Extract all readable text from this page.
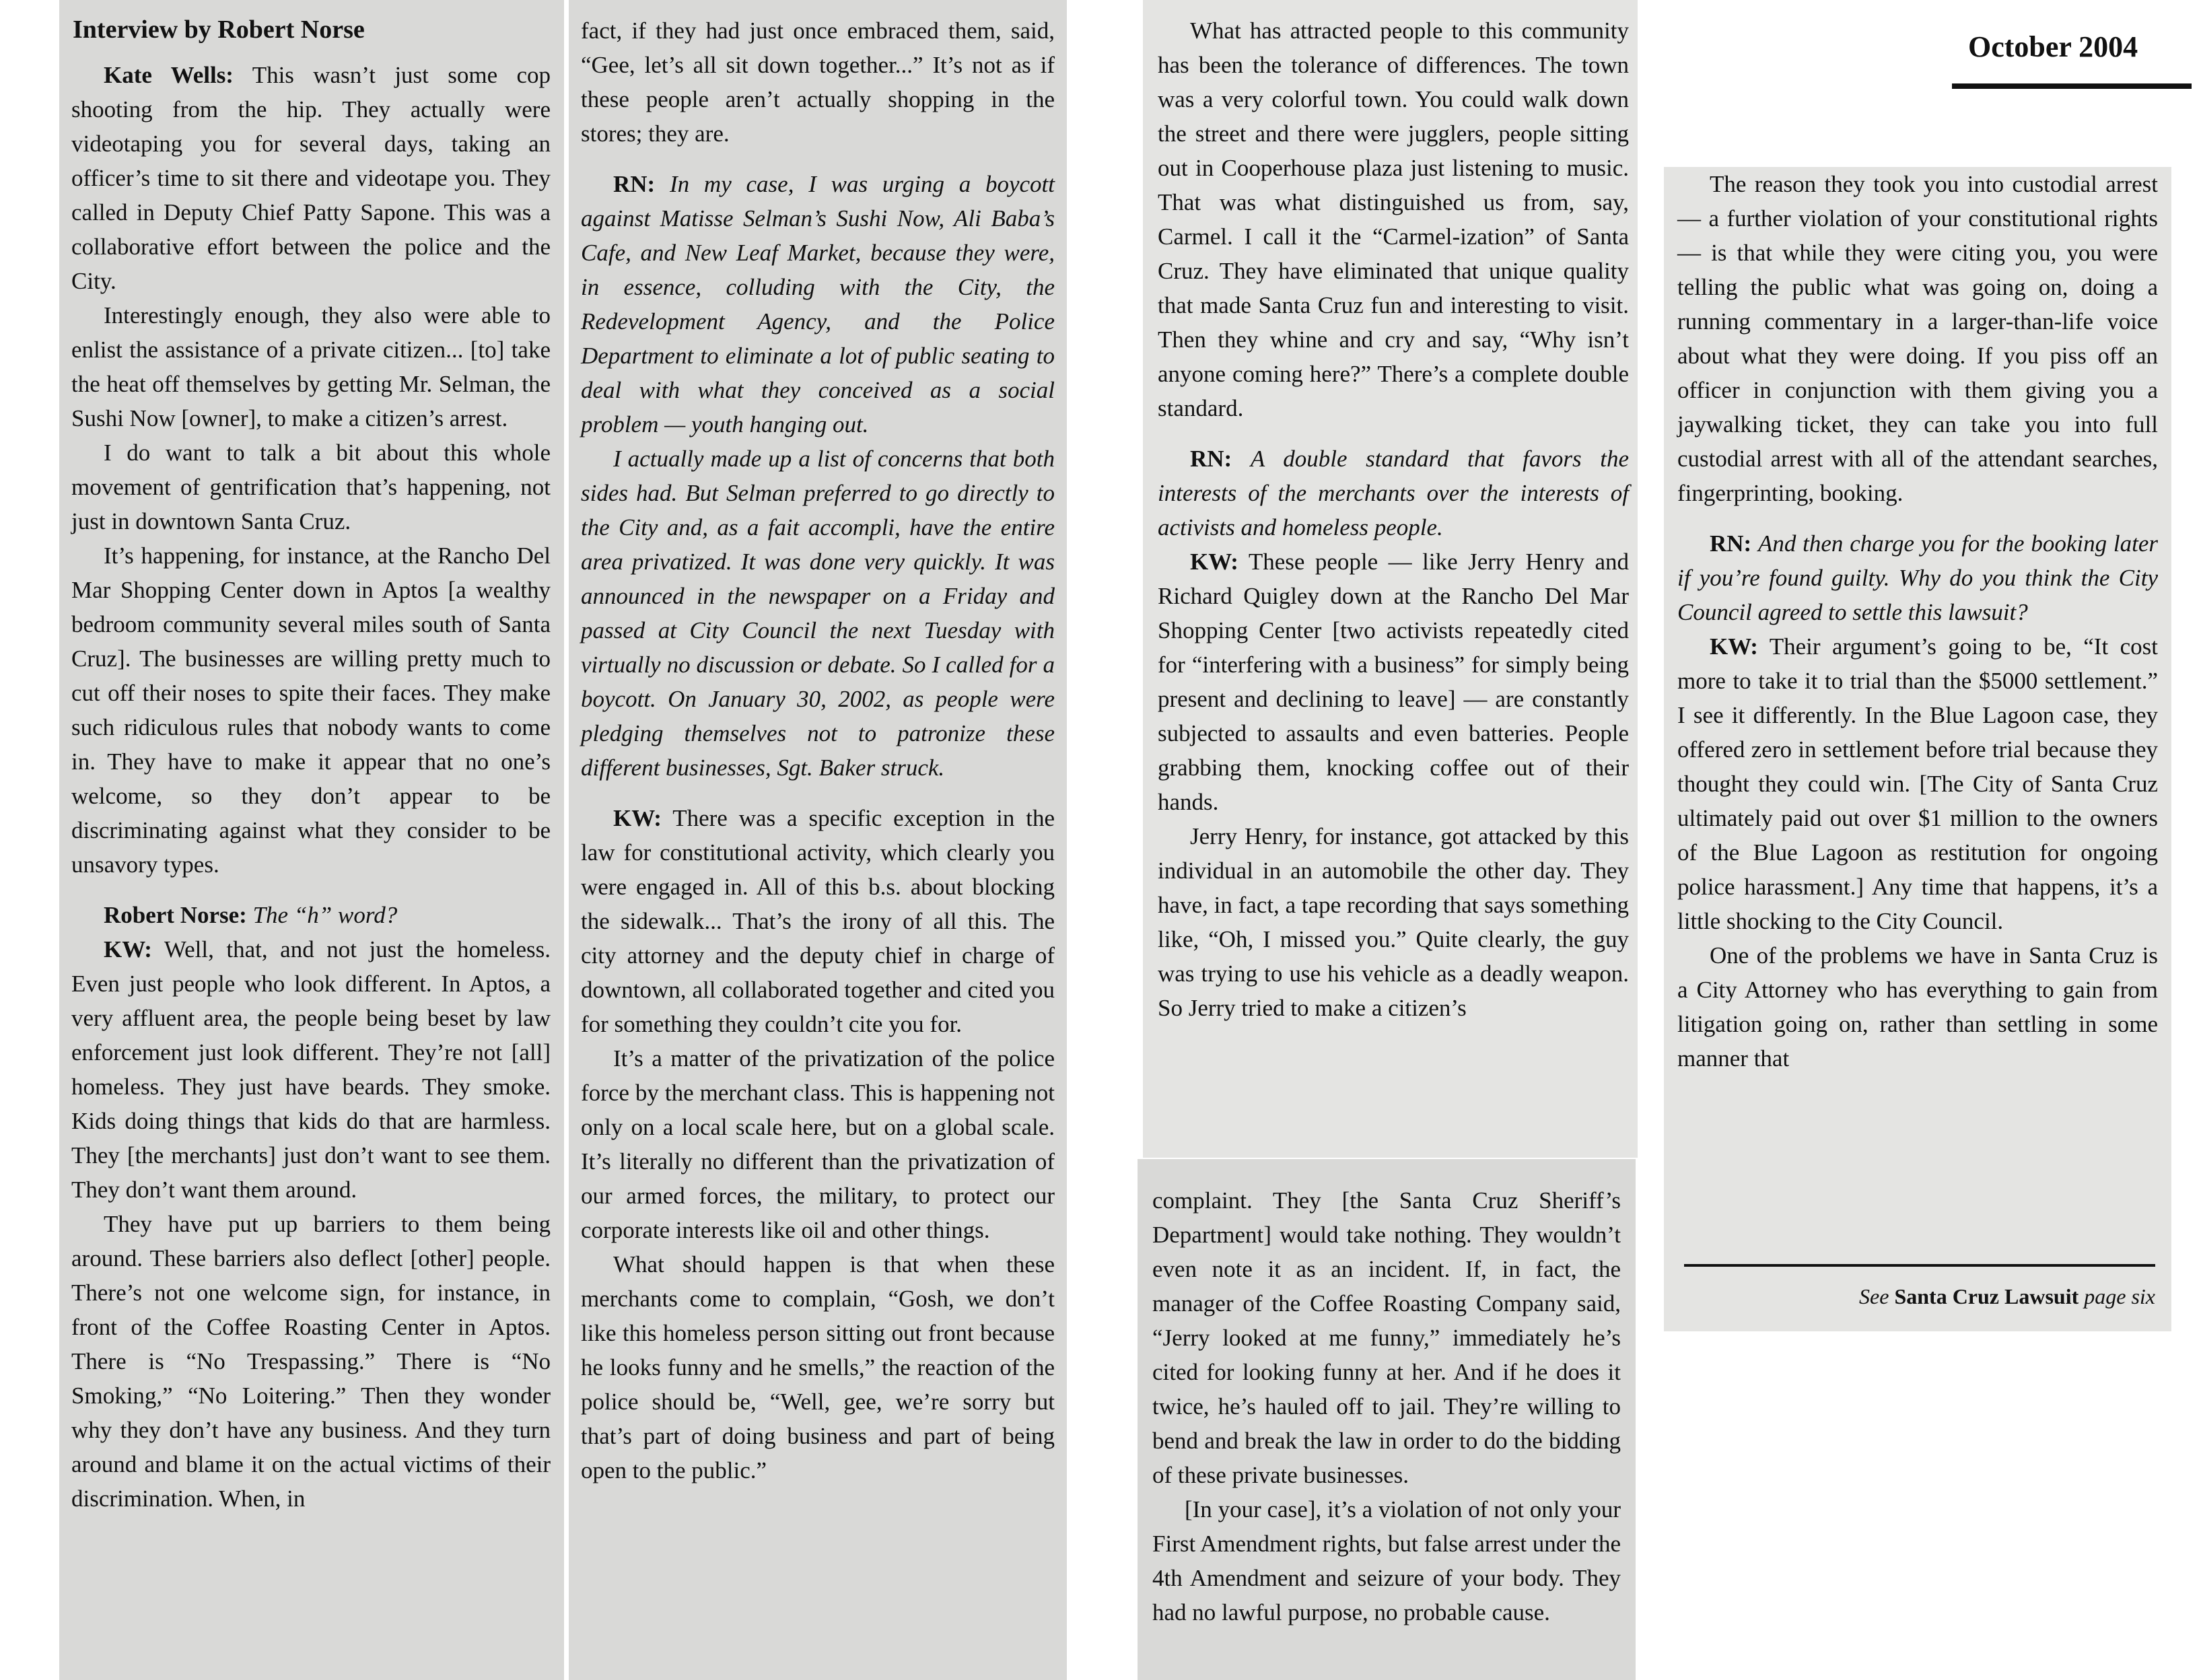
Interview by Robert Norse

Kate Wells: This wasn’t just some cop shooting from the hip. They actually were videotaping you for several days, taking an officer’s time to sit there and videotape you. They called in Deputy Chief Patty Sapone. This was a collaborative effort between the police and the City.

Interestingly enough, they also were able to enlist the assistance of a private citizen... [to] take the heat off themselves by getting Mr. Selman, the Sushi Now [owner], to make a citizen’s arrest.

I do want to talk a bit about this whole movement of gentrification that’s happening, not just in downtown Santa Cruz.

It’s happening, for instance, at the Rancho Del Mar Shopping Center down in Aptos [a wealthy bedroom community several miles south of Santa Cruz]. The businesses are willing pretty much to cut off their noses to spite their faces. They make such ridiculous rules that nobody wants to come in. They have to make it appear that no one’s welcome, so they don’t appear to be discriminating against what they consider to be unsavory types.

Robert Norse: The “h” word?

KW: Well, that, and not just the homeless. Even just people who look different. In Aptos, a very affluent area, the people being beset by law enforcement just look different. They’re not [all] homeless. They just have beards. They smoke. Kids doing things that kids do that are harmless. They [the merchants] just don’t want to see them. They don’t want them around.

They have put up barriers to them being around. These barriers also deflect [other] people. There’s not one welcome sign, for instance, in front of the Coffee Roasting Center in Aptos. There is “No Trespassing.” There is “No Smoking,” “No Loitering.” Then they wonder why they don’t have any business. And they turn around and blame it on the actual victims of their discrimination. When, in

fact, if they had just once embraced them, said, “Gee, let’s all sit down together...” It’s not as if these people aren’t actually shopping in the stores; they are.

RN: In my case, I was urging a boycott against Matisse Selman’s Sushi Now, Ali Baba’s Cafe, and New Leaf Market, because they were, in essence, colluding with the City, the Redevelopment Agency, and the Police Department to eliminate a lot of public seating to deal with what they conceived as a social problem — youth hanging out.

I actually made up a list of concerns that both sides had. But Selman preferred to go directly to the City and, as a fait accompli, have the entire area privatized. It was done very quickly. It was announced in the newspaper on a Friday and passed at City Council the next Tuesday with virtually no discussion or debate. So I called for a boycott. On January 30, 2002, as people were pledging themselves not to patronize these different businesses, Sgt. Baker struck.

KW: There was a specific exception in the law for constitutional activity, which clearly you were engaged in. All of this b.s. about blocking the sidewalk... That’s the irony of all this. The city attorney and the deputy chief in charge of downtown, all collaborated together and cited you for something they couldn’t cite you for.

It’s a matter of the privatization of the police force by the merchant class. This is happening not only on a local scale here, but on a global scale. It’s literally no different than the privatization of our armed forces, the military, to protect our corporate interests like oil and other things.

What should happen is that when these merchants come to complain, “Gosh, we don’t like this homeless person sitting out front because he looks funny and he smells,” the reaction of the police should be, “Well, gee, we’re sorry but that’s part of doing business and part of being open to the public.”

What has attracted people to this community has been the tolerance of differences. The town was a very colorful town. You could walk down the street and there were jugglers, people sitting out in Cooperhouse plaza just listening to music. That was what distinguished us from, say, Carmel. I call it the “Carmel-ization” of Santa Cruz. They have eliminated that unique quality that made Santa Cruz fun and interesting to visit. Then they whine and cry and say, “Why isn’t anyone coming here?” There’s a complete double standard.

RN: A double standard that favors the interests of the merchants over the interests of activists and homeless people.

KW: These people — like Jerry Henry and Richard Quigley down at the Rancho Del Mar Shopping Center [two activists repeatedly cited for “interfering with a business” for simply being present and declining to leave] — are constantly subjected to assaults and even batteries. People grabbing them, knocking coffee out of their hands.

Jerry Henry, for instance, got attacked by this individual in an automobile the other day. They have, in fact, a tape recording that says something like, “Oh, I missed you.” Quite clearly, the guy was trying to use his vehicle as a deadly weapon. So Jerry tried to make a citizen’s

complaint. They [the Santa Cruz Sheriff’s Department] would take nothing. They wouldn’t even note it as an incident. If, in fact, the manager of the Coffee Roasting Company said, “Jerry looked at me funny,” immediately he’s cited for looking funny at her. And if he does it twice, he’s hauled off to jail. They’re willing to bend and break the law in order to do the bidding of these private businesses.

[In your case], it’s a violation of not only your First Amendment rights, but false arrest under the 4th Amendment and seizure of your body. They had no lawful purpose, no probable cause.

October 2004

The reason they took you into custodial arrest — a further violation of your constitutional rights — is that while they were citing you, you were telling the public what was going on, doing a running commentary in a larger-than-life voice about what they were doing. If you piss off an officer in conjunction with them giving you a jaywalking ticket, they can take you into full custodial arrest with all of the attendant searches, fingerprinting, booking.

RN: And then charge you for the booking later if you’re found guilty. Why do you think the City Council agreed to settle this lawsuit?

KW: Their argument’s going to be, “It cost more to take it to trial than the $5000 settlement.” I see it differently. In the Blue Lagoon case, they offered zero in settlement before trial because they thought they could win. [The City of Santa Cruz ultimately paid out over $1 million to the owners of the Blue Lagoon as restitution for ongoing police harassment.] Any time that happens, it’s a little shocking to the City Council.

One of the problems we have in Santa Cruz is a City Attorney who has everything to gain from litigation going on, rather than settling in some manner that

See Santa Cruz Lawsuit page six
